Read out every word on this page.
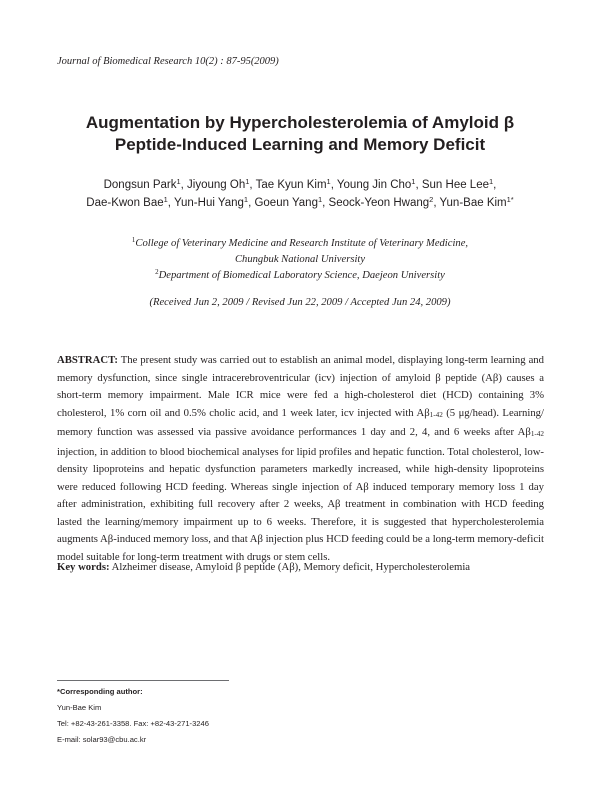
Journal of Biomedical Research 10(2) : 87-95(2009)
Augmentation by Hypercholesterolemia of Amyloid β
Peptide-Induced Learning and Memory Deficit
Dongsun Park$^1$, Jiyoung Oh$^1$, Tae Kyun Kim$^1$, Young Jin Cho$^1$, Sun Hee Lee$^1$,
Dae-Kwon Bae$^1$, Yun-Hui Yang$^1$, Goeun Yang$^1$, Seock-Yeon Hwang$^2$, Yun-Bae Kim$^{1*}$
$^1$College of Veterinary Medicine and Research Institute of Veterinary Medicine,
Chungbuk National University
$^2$Department of Biomedical Laboratory Science, Daejeon University
(Received Jun 2, 2009 / Revised Jun 22, 2009 / Accepted Jun 24, 2009)

ABSTRACT: The present study was carried out to establish an animal model, displaying long-term learning and memory dysfunction, since single intracerebroventricular (icv) injection of amyloid β peptide (Aβ) causes a short-term memory impairment. Male ICR mice were fed a high-cholesterol diet (HCD) containing 3% cholesterol, 1% corn oil and 0.5% cholic acid, and 1 week later, icv injected with Aβ1-42 (5 μg/head). Learning/ memory function was assessed via passive avoidance performances 1 day and 2, 4, and 6 weeks after Aβ1-42 injection, in addition to blood biochemical analyses for lipid profiles and hepatic function. Total cholesterol, low-density lipoproteins and hepatic dysfunction parameters markedly increased, while high-density lipoproteins were reduced following HCD feeding. Whereas single injection of Aβ induced temporary memory loss 1 day after administration, exhibiting full recovery after 2 weeks, Aβ treatment in combination with HCD feeding lasted the learning/memory impairment up to 6 weeks. Therefore, it is suggested that hypercholesterolemia augments Aβ-induced memory loss, and that Aβ injection plus HCD feeding could be a long-term memory-deficit model suitable for long-term treatment with drugs or stem cells.

Key words: Alzheimer disease, Amyloid β peptide (Aβ), Memory deficit, Hypercholesterolemia
*Corresponding author:
Yun-Bae Kim
Tel: +82-43-261-3358. Fax: +82-43-271-3246
E-mail: solar93@cbu.ac.kr
